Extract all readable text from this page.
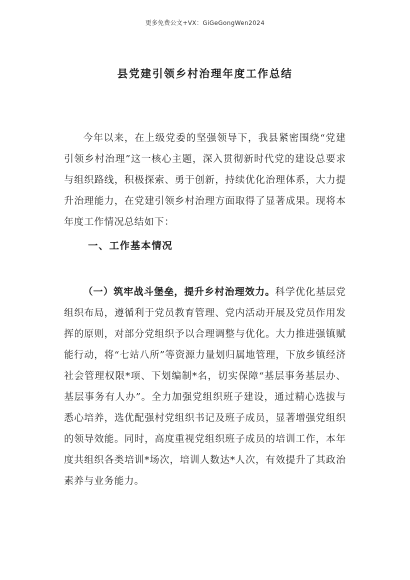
更多免费公文+VX：GiGeGongWen2024
县党建引领乡村治理年度工作总结

今年以来，在上级党委的坚强领导下，我县紧密围绕“党建引领乡村治理”这一核心主题，深入贯彻新时代党的建设总要求与组织路线，积极探索、勇于创新，持续优化治理体系，大力提升治理能力，在党建引领乡村治理方面取得了显著成果。现将本年度工作情况总结如下：

一、工作基本情况

（一）筑牢战斗堡垒，提升乡村治理效力。科学优化基层党组织布局，遵循利于党员教育管理、党内活动开展及党员作用发挥的原则，对部分党组织予以合理调整与优化。大力推进强镇赋能行动，将“七站八所”等资源力量划归属地管理，下放乡镇经济社会管理权限*项、下划编制*名，切实保障“基层事务基层办、基层事务有人办”。全力加强党组织班子建设，通过精心选拔与悉心培养，选优配强村党组织书记及班子成员，显著增强党组织的领导效能。同时，高度重视党组织班子成员的培训工作，本年度共组织各类培训*场次，培训人数达*人次，有效提升了其政治素养与业务能力。
